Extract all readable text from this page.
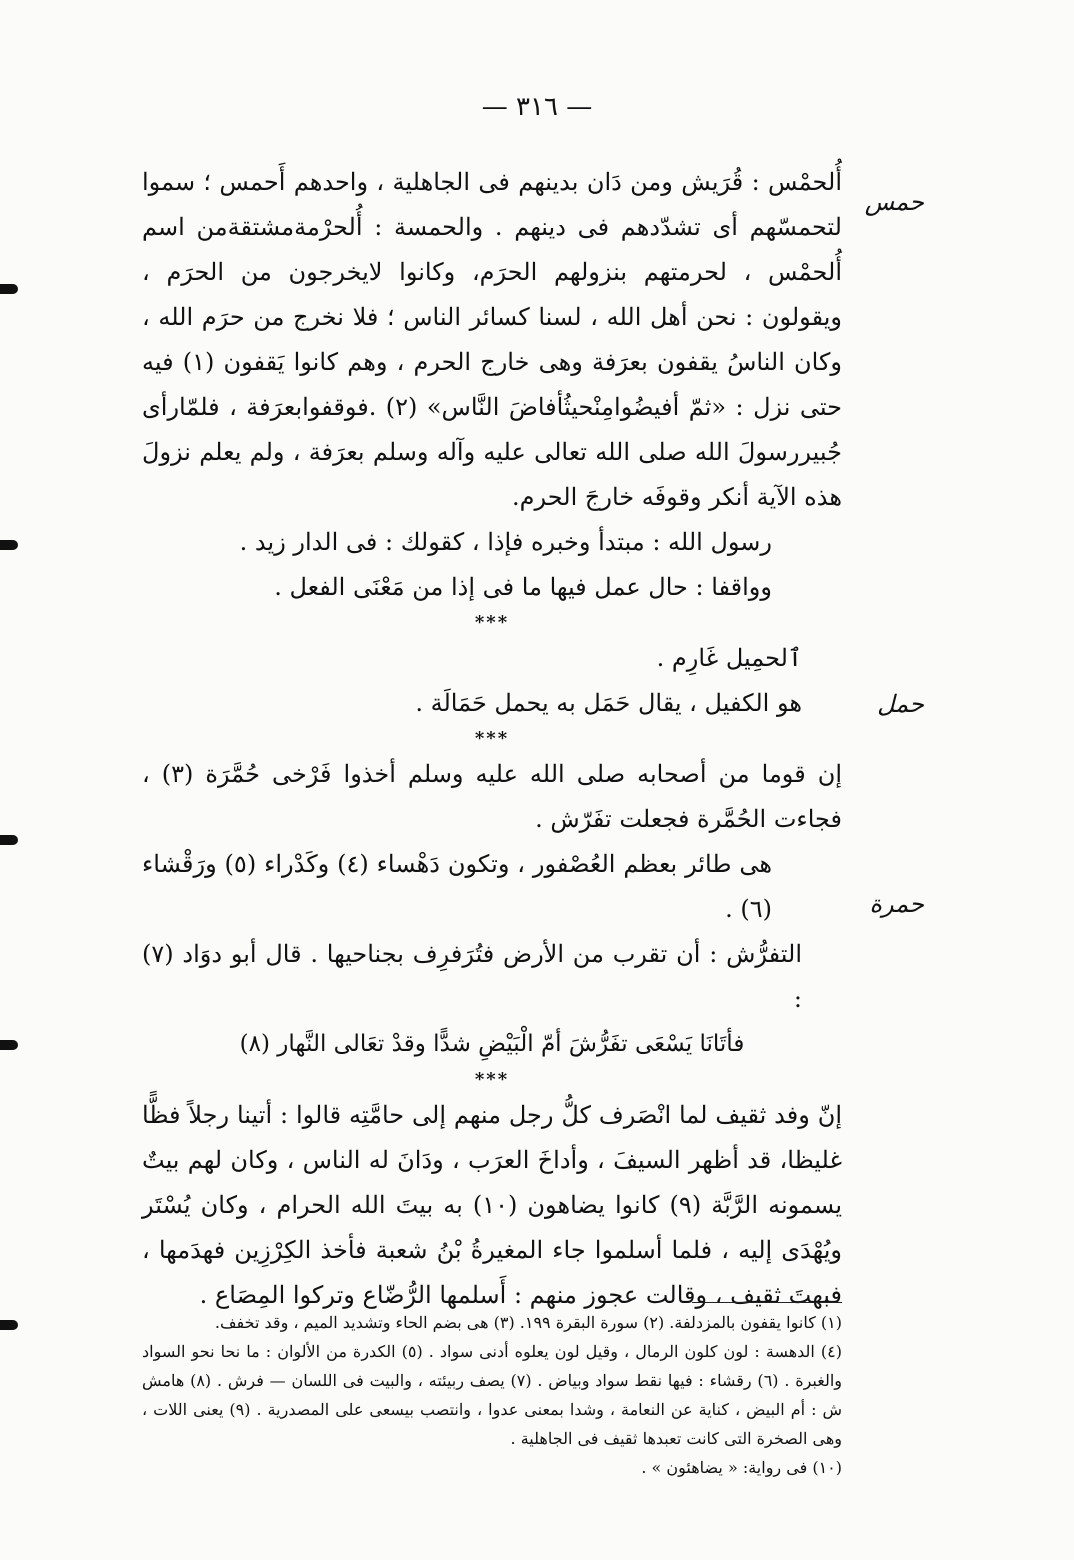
— ٣١٦ —
حمس
حمل
حمرة

أُلحمْس : قُرَيش ومن دَان بدينهم فى الجاهلية ، واحدهم أَحمس ؛ سموا لتحمسّهم أى تشدّدهم فى دينهم . والحمسة : أُلحرْمةمشتقةمن اسم أُلحمْس ، لحرمتهم بنزولهم الحرَم، وكانوا لايخرجون من الحرَم ، ويقولون : نحن أهل الله ، لسنا كسائر الناس ؛ فلا نخرج من حرَم الله ، وكان الناسُ يقفون بعرَفة وهى خارج الحرم ، وهم كانوا يَقفون (١) فيه حتى نزل : «ثمّ أفيضُوامِنْحيثُأفاضَ النَّاس» (٢) .فوقفوابعرَفة ، فلمّارأى جُبيررسولَ الله صلى الله تعالى عليه وآله وسلم بعرَفة ، ولم يعلم نزولَ هذه الآية أنكر وقوفَه خارجَ الحرم.

رسول الله : مبتدأ وخبره فإذا ، كقولك : فى الدار زيد .

وواقفا : حال عمل فيها ما فى إذا من مَعْنَى الفعل .

***

ٱلحمِيل غَارِم .

هو الكفيل ، يقال حَمَل به يحمل حَمَالَة .

***

إن قوما من أصحابه صلى الله عليه وسلم أخذوا فَرْخى حُمَّرَة (٣) ، فجاءت الحُمَّرة فجعلت تفَرّش .

هى طائر بعظم العُصْفور ، وتكون دَهْساء (٤) وكَدْراء (٥) ورَقْشاء (٦) .

التفرُّش : أن تقرب من الأرض فتُرَفرِف بجناحيها . قال أبو دوَاد (٧) :

فأتَانَا يَسْعَى تفَرُّشَ أمّ الْبَيْضِ شدًّا وقدْ تعَالى النَّهار (٨)

***

إنّ وفد ثقيف لما انْصَرف كلُّ رجل منهم إلى حامَّتِه قالوا : أتينا رجلاً فظًّا غليظا، قد أظهر السيفَ ، وأداخَ العرَب ، ودَانَ له الناس ، وكان لهم بيتٌ يسمونه الرَّبَّة (٩) كانوا يضاهون (١٠) به بيتَ الله الحرام ، وكان يُسْتَر ويُهْدَى إليه ، فلما أسلموا جاء المغيرةُ بْنُ شعبة فأخذ الكِرْزِين فهدَمها ، فبهتَ ثقيف ، وقالت عجوز منهم : أَسلمها الرُّضّاع وتركوا المِصَاع .

(١) كانوا يقفون بالمزدلفة. (٢) سورة البقرة ١٩٩. (٣) هى بضم الحاء وتشديد الميم ، وقد تخفف.

(٤) الدهسة : لون كلون الرمال ، وقيل لون يعلوه أدنى سواد . (٥) الكدرة من الألوان : ما نحا نحو السواد والغبرة . (٦) رقشاء : فيها نقط سواد وبياض . (٧) يصف ربيئته ، والبيت فى اللسان — فرش . (٨) هامش ش : أم البيض ، كناية عن النعامة ، وشدا بمعنى عدوا ، وانتصب بيسعى على المصدرية . (٩) يعنى اللات ، وهى الصخرة التى كانت تعبدها ثقيف فى الجاهلية .

(١٠) فى رواية: « يضاهئون » .
